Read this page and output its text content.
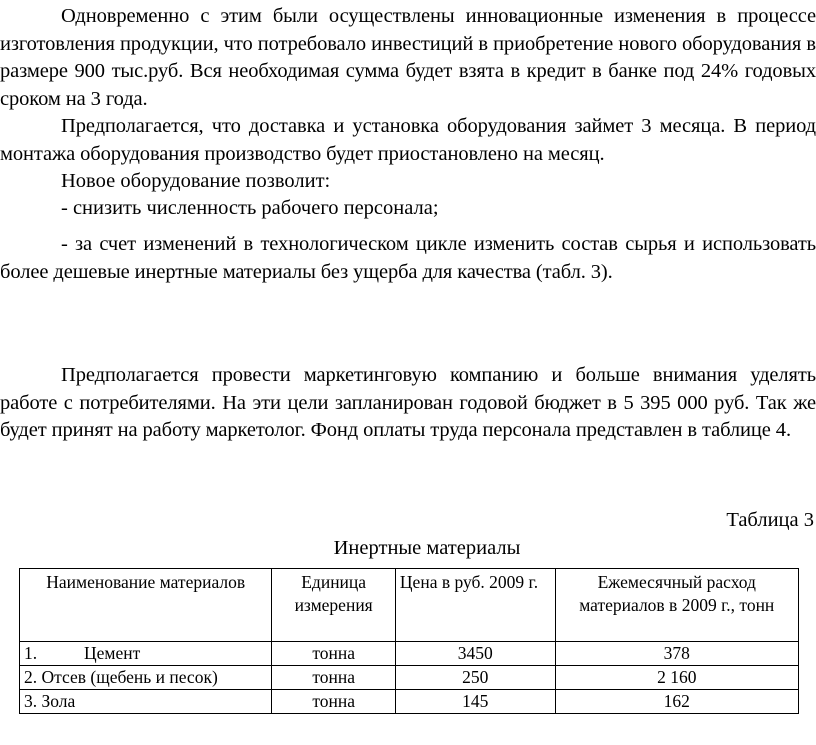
Одновременно с этим были осуществлены инновационные изменения в процессе изготовления продукции, что потребовало инвестиций в приобретение нового оборудования в размере 900 тыс.руб. Вся необходимая сумма будет взята в кредит в банке под 24% годовых сроком на 3 года.

Предполагается, что доставка и установка оборудования займет 3 месяца. В период монтажа оборудования производство будет приостановлено на месяц.

Новое оборудование позволит:

- снизить численность рабочего персонала;

- за счет изменений в технологическом цикле изменить состав сырья и использовать более дешевые инертные материалы без ущерба для качества (табл. 3).

Предполагается провести маркетинговую компанию и больше внимания уделять работе с потребителями. На эти цели запланирован годовой бюджет в 5 395 000 руб. Так же будет принят на работу маркетолог. Фонд оплаты труда персонала представлен в таблице 4.

Таблица 3
Инертные материалы
Наименование материалов	Единица измерения	Цена в руб. 2009 г.	Ежемесячный расход материалов в 2009 г., тонн
1. Цемент	тонна	3450	378
2. Отсев (щебень и песок)	тонна	250	2 160
3. Зола	тонна	145	162
